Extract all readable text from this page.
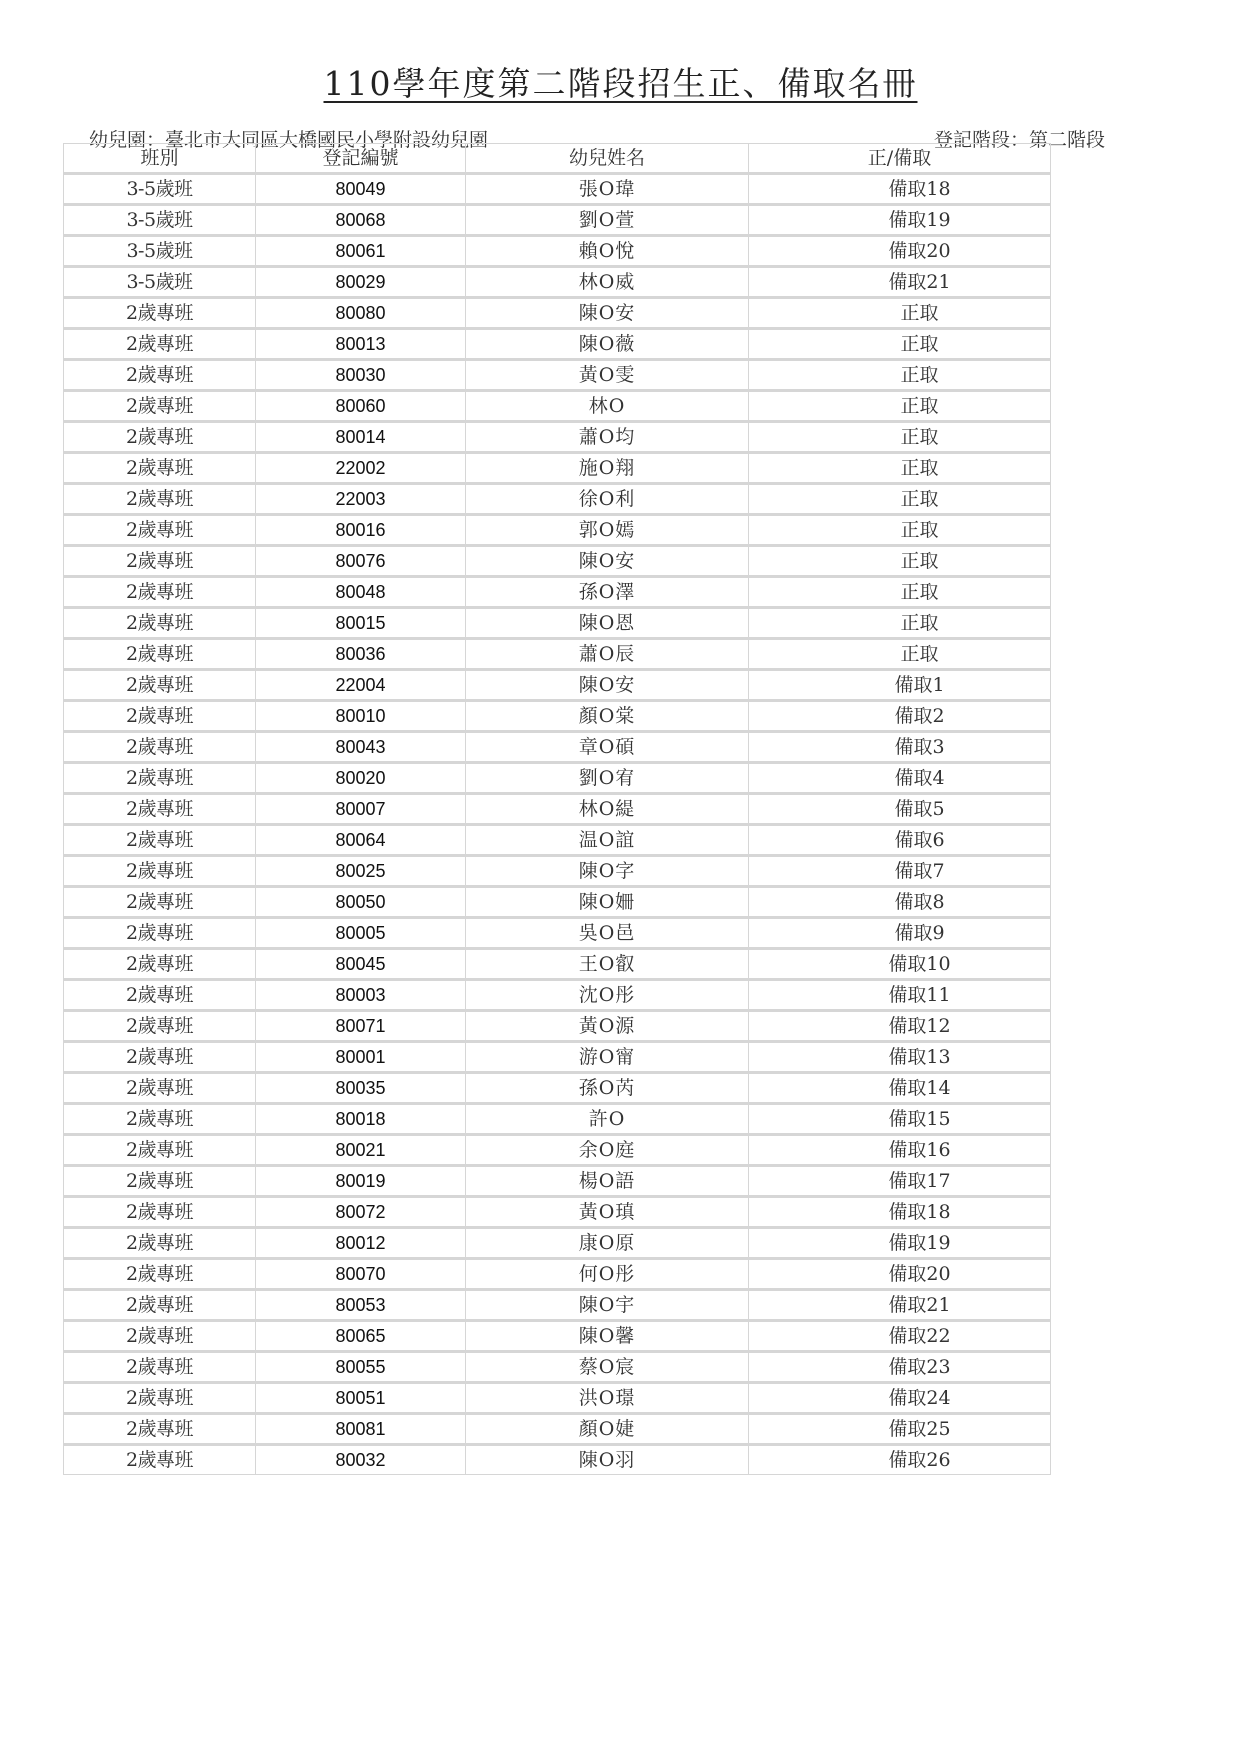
110學年度第二階段招生正、備取名冊
幼兒園：臺北市大同區大橋國民小學附設幼兒園	登記階段：第二階段
班別	登記編號	幼兒姓名	正/備取
3-5歲班	80049	張O瑋	備取18
3-5歲班	80068	劉O萱	備取19
3-5歲班	80061	賴O悅	備取20
3-5歲班	80029	林O威	備取21
2歲專班	80080	陳O安	正取
2歲專班	80013	陳O薇	正取
2歲專班	80030	黃O雯	正取
2歲專班	80060	林O	正取
2歲專班	80014	蕭O均	正取
2歲專班	22002	施O翔	正取
2歲專班	22003	徐O利	正取
2歲專班	80016	郭O嫣	正取
2歲專班	80076	陳O安	正取
2歲專班	80048	孫O澤	正取
2歲專班	80015	陳O恩	正取
2歲專班	80036	蕭O辰	正取
2歲專班	22004	陳O安	備取1
2歲專班	80010	顏O棠	備取2
2歲專班	80043	章O碩	備取3
2歲專班	80020	劉O宥	備取4
2歲專班	80007	林O緹	備取5
2歲專班	80064	温O誼	備取6
2歲專班	80025	陳O字	備取7
2歲專班	80050	陳O姍	備取8
2歲專班	80005	吳O邑	備取9
2歲專班	80045	王O叡	備取10
2歲專班	80003	沈O彤	備取11
2歲專班	80071	黃O源	備取12
2歲專班	80001	游O甯	備取13
2歲專班	80035	孫O芮	備取14
2歲專班	80018	許O	備取15
2歲專班	80021	余O庭	備取16
2歲專班	80019	楊O語	備取17
2歲專班	80072	黃O瑱	備取18
2歲專班	80012	康O原	備取19
2歲專班	80070	何O彤	備取20
2歲專班	80053	陳O宇	備取21
2歲專班	80065	陳O馨	備取22
2歲專班	80055	蔡O宸	備取23
2歲專班	80051	洪O璟	備取24
2歲專班	80081	顏O婕	備取25
2歲專班	80032	陳O羽	備取26
